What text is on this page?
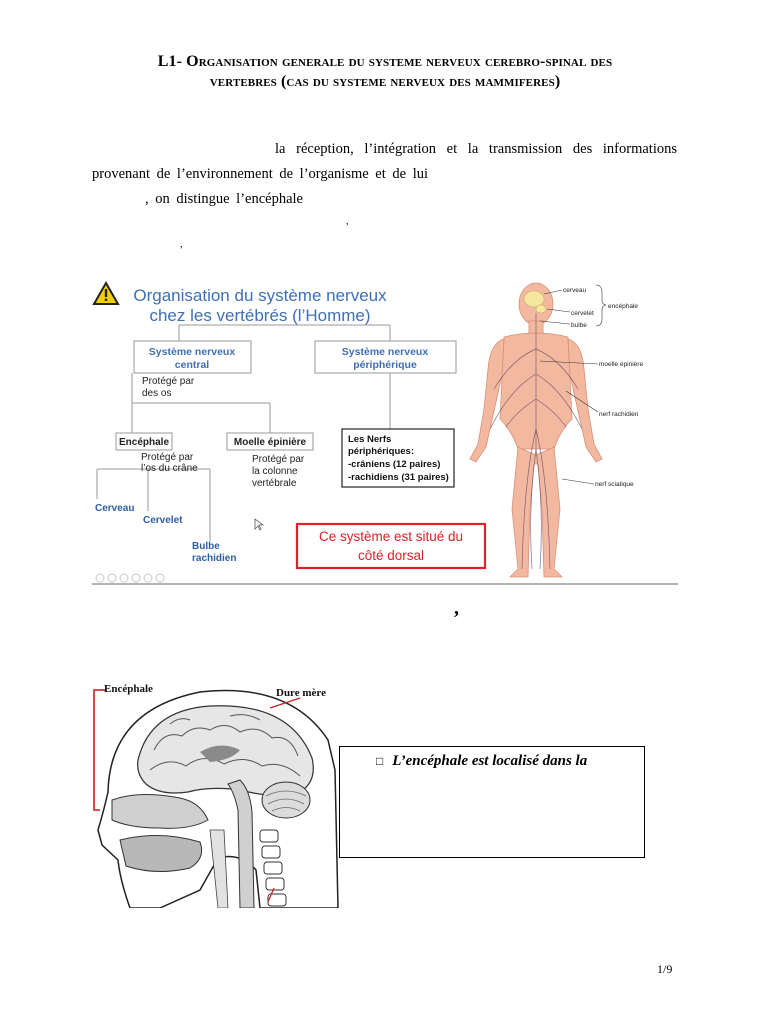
L1- Organisation generale du systeme nerveux cerebro-spinal des
vertebres (cas du systeme nerveux des mammiferes)
la réception, l’intégration et la transmission des informations
provenant de l’environnement de l’organisme et de lui
, on distingue l’encéphale
,
,
Organisation du système nerveux
chez les vertébrés (l’Homme)
Système nerveux
central
Système nerveux
périphérique
Protégé par
des os
Encéphale	Moelle épinière
Protégé par
l’os du crâne
Protégé par
la colonne
vertébrale
Les Nerfs
périphériques:
-crâniens (12 paires)
-rachidiens (31 paires)
Cerveau
Cervelet
Bulbe
rachidien
Ce système est situé du
côté dorsal
cerveau
cervelet
bulbe
encéphale
moelle épinière
nerf rachidien
nerf sciatique
,
Encéphale	Dure mère
□ L’encéphale est localisé dans la
1/9
